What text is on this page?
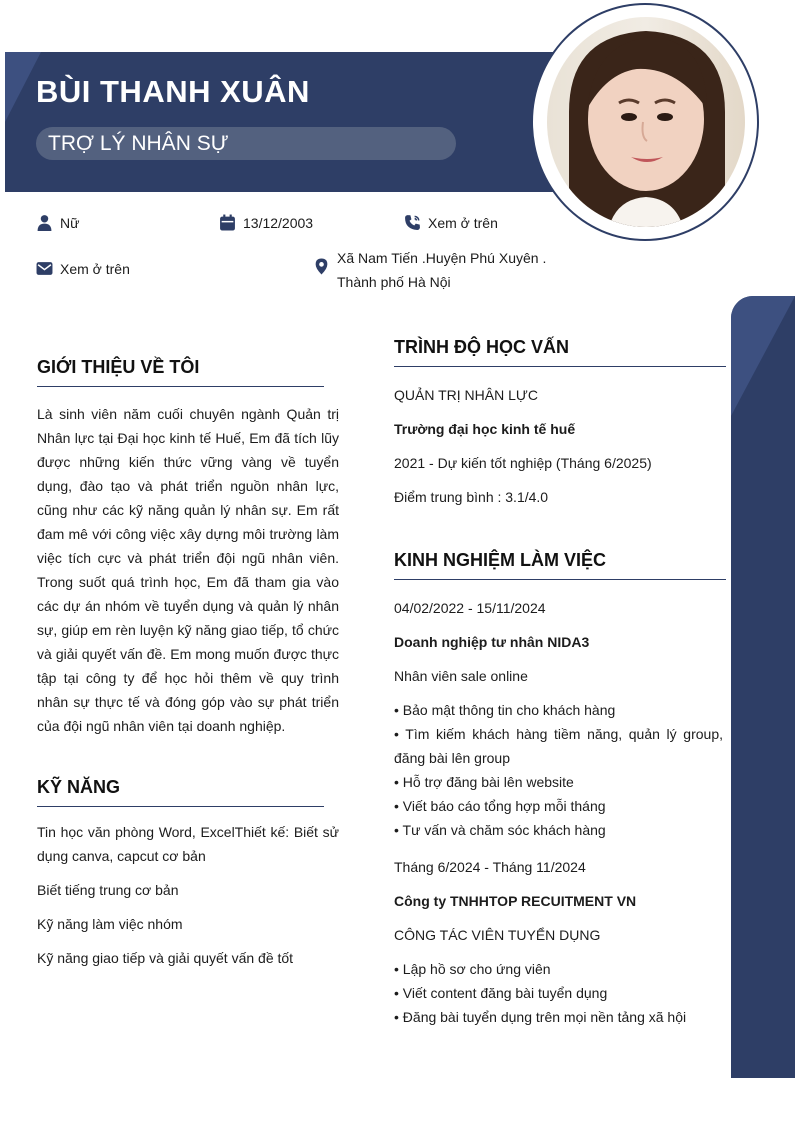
BÙI THANH XUÂN
TRỢ LÝ NHÂN SỰ
Nữ	13/12/2003	Xem ở trên
Xem ở trên
Xã Nam Tiến .Huyện Phú Xuyên .
Thành phố Hà Nội
GIỚI THIỆU VỀ TÔI
Là sinh viên năm cuối chuyên ngành Quản trị Nhân lực tại Đại học kinh tế Huế, Em đã tích lũy được những kiến thức vững vàng về tuyển dụng, đào tạo và phát triển nguồn nhân lực, cũng như các kỹ năng quản lý nhân sự. Em rất đam mê với công việc xây dựng môi trường làm việc tích cực và phát triển đội ngũ nhân viên. Trong suốt quá trình học, Em đã tham gia vào các dự án nhóm về tuyển dụng và quản lý nhân sự, giúp em rèn luyện kỹ năng giao tiếp, tổ chức và giải quyết vấn đề. Em mong muốn được thực tập tại công ty để học hỏi thêm về quy trình nhân sự thực tế và đóng góp vào sự phát triển của đội ngũ nhân viên tại doanh nghiệp.
KỸ NĂNG

Tin học văn phòng Word, ExcelThiết kế: Biết sử dụng canva, capcut cơ bản

Biết tiếng trung cơ bản

Kỹ năng làm việc nhóm

Kỹ năng giao tiếp và giải quyết vấn đề tốt

TRÌNH ĐỘ HỌC VẤN

QUẢN TRỊ NHÂN LỰC

Trường đại học kinh tế huế

2021 - Dự kiến tốt nghiệp (Tháng 6/2025)

Điểm trung bình : 3.1/4.0

KINH NGHIỆM LÀM VIỆC

04/02/2022 - 15/11/2024

Doanh nghiệp tư nhân NIDA3

Nhân viên sale online

• Bảo mật thông tin cho khách hàng
• Tìm kiếm khách hàng tiềm năng, quản lý group, đăng bài lên group
• Hỗ trợ đăng bài lên website
• Viết báo cáo tổng hợp mỗi tháng
• Tư vấn và chăm sóc khách hàng

Tháng 6/2024 - Tháng 11/2024

Công ty TNHHTOP RECUITMENT VN

CÔNG TÁC VIÊN TUYỂN DỤNG

• Lập hồ sơ cho ứng viên
• Viết content đăng bài tuyển dụng
• Đăng bài tuyển dụng trên mọi nền tảng xã hội
